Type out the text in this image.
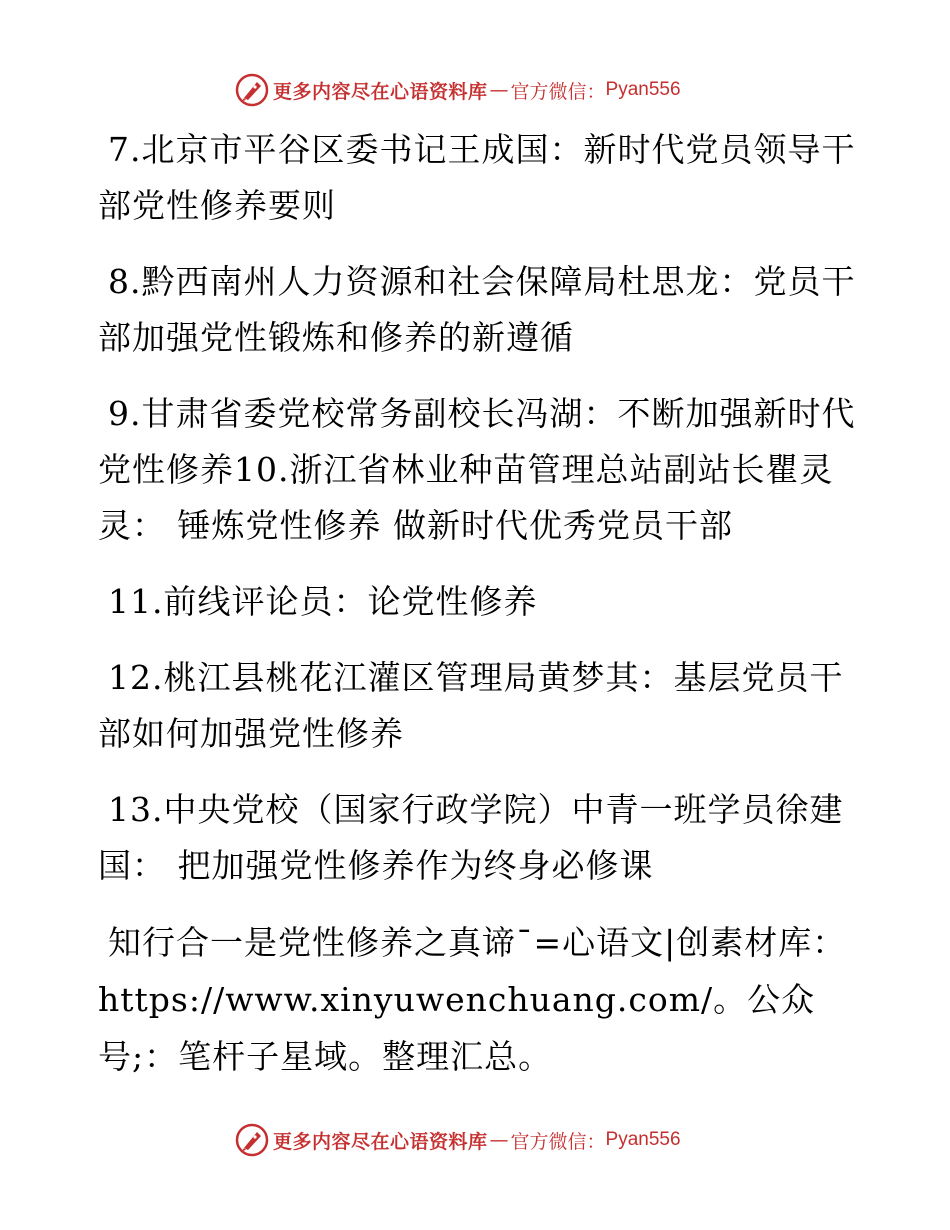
更多内容尽在心语资料库 — 官方微信： Pyan556

7.北京市平谷区委书记王成国：新时代党员领导干部党性修养要则

8.黔西南州人力资源和社会保障局杜思龙：党员干部加强党性锻炼和修养的新遵循

9.甘肃省委党校常务副校长冯湖：不断加强新时代党性修养10.浙江省林业种苗管理总站副站长瞿灵灵： 锤炼党性修养 做新时代优秀党员干部

11.前线评论员：论党性修养

12.桃江县桃花江灌区管理局黄梦其：基层党员干部如何加强党性修养

13.中央党校（国家行政学院）中青一班学员徐建国： 把加强党性修养作为终身必修课

知行合一是党性修养之真谛¯=心语文|创素材库：https://www.xinyuwenchuang.com/。公众号;：笔杆子星域。整理汇总。

更多内容尽在心语资料库 — 官方微信： Pyan556
